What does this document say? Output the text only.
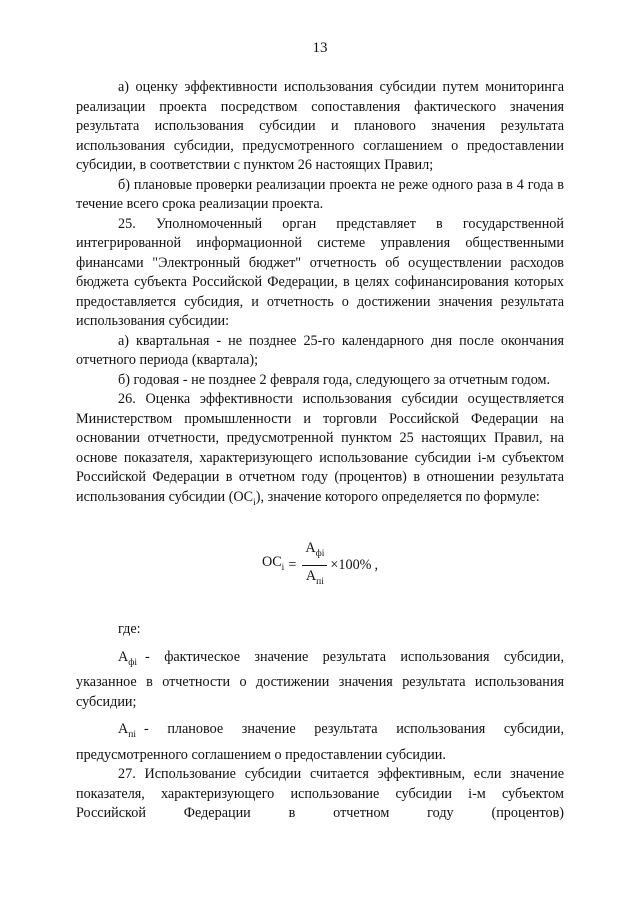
13

а) оценку эффективности использования субсидии путем мониторинга реализации проекта посредством сопоставления фактического значения результата использования субсидии и планового значения результата использования субсидии, предусмотренного соглашением о предоставлении субсидии, в соответствии с пунктом 26 настоящих Правил;

б) плановые проверки реализации проекта не реже одного раза в 4 года в течение всего срока реализации проекта.

25. Уполномоченный орган представляет в государственной интегрированной информационной системе управления общественными финансами "Электронный бюджет" отчетность об осуществлении расходов бюджета субъекта Российской Федерации, в целях софинансирования которых предоставляется субсидия, и отчетность о достижении значения результата использования субсидии:

а) квартальная - не позднее 25-го календарного дня после окончания отчетного периода (квартала);

б) годовая - не позднее 2 февраля года, следующего за отчетным годом.

26. Оценка эффективности использования субсидии осуществляется Министерством промышленности и торговли Российской Федерации на основании отчетности, предусмотренной пунктом 25 настоящих Правил, на основе показателя, характеризующего использование субсидии i-м субъектом Российской Федерации в отчетном году (процентов) в отношении результата использования субсидии $(OC_i)$, значение которого определяется по формуле:

$OC_i = \frac{A_{фi}}{A_{пi}} \times 100\%$ ,

где:

$A_{фi}$ - фактическое значение результата использования субсидии,

указанное в отчетности о достижении значения результата использования субсидии;

$A_{пi}$ - плановое значение результата использования субсидии,

предусмотренного соглашением о предоставлении субсидии.

27. Использование субсидии считается эффективным, если значение показателя, характеризующего использование субсидии i-м субъектом Российской Федерации в отчетном году (процентов)
